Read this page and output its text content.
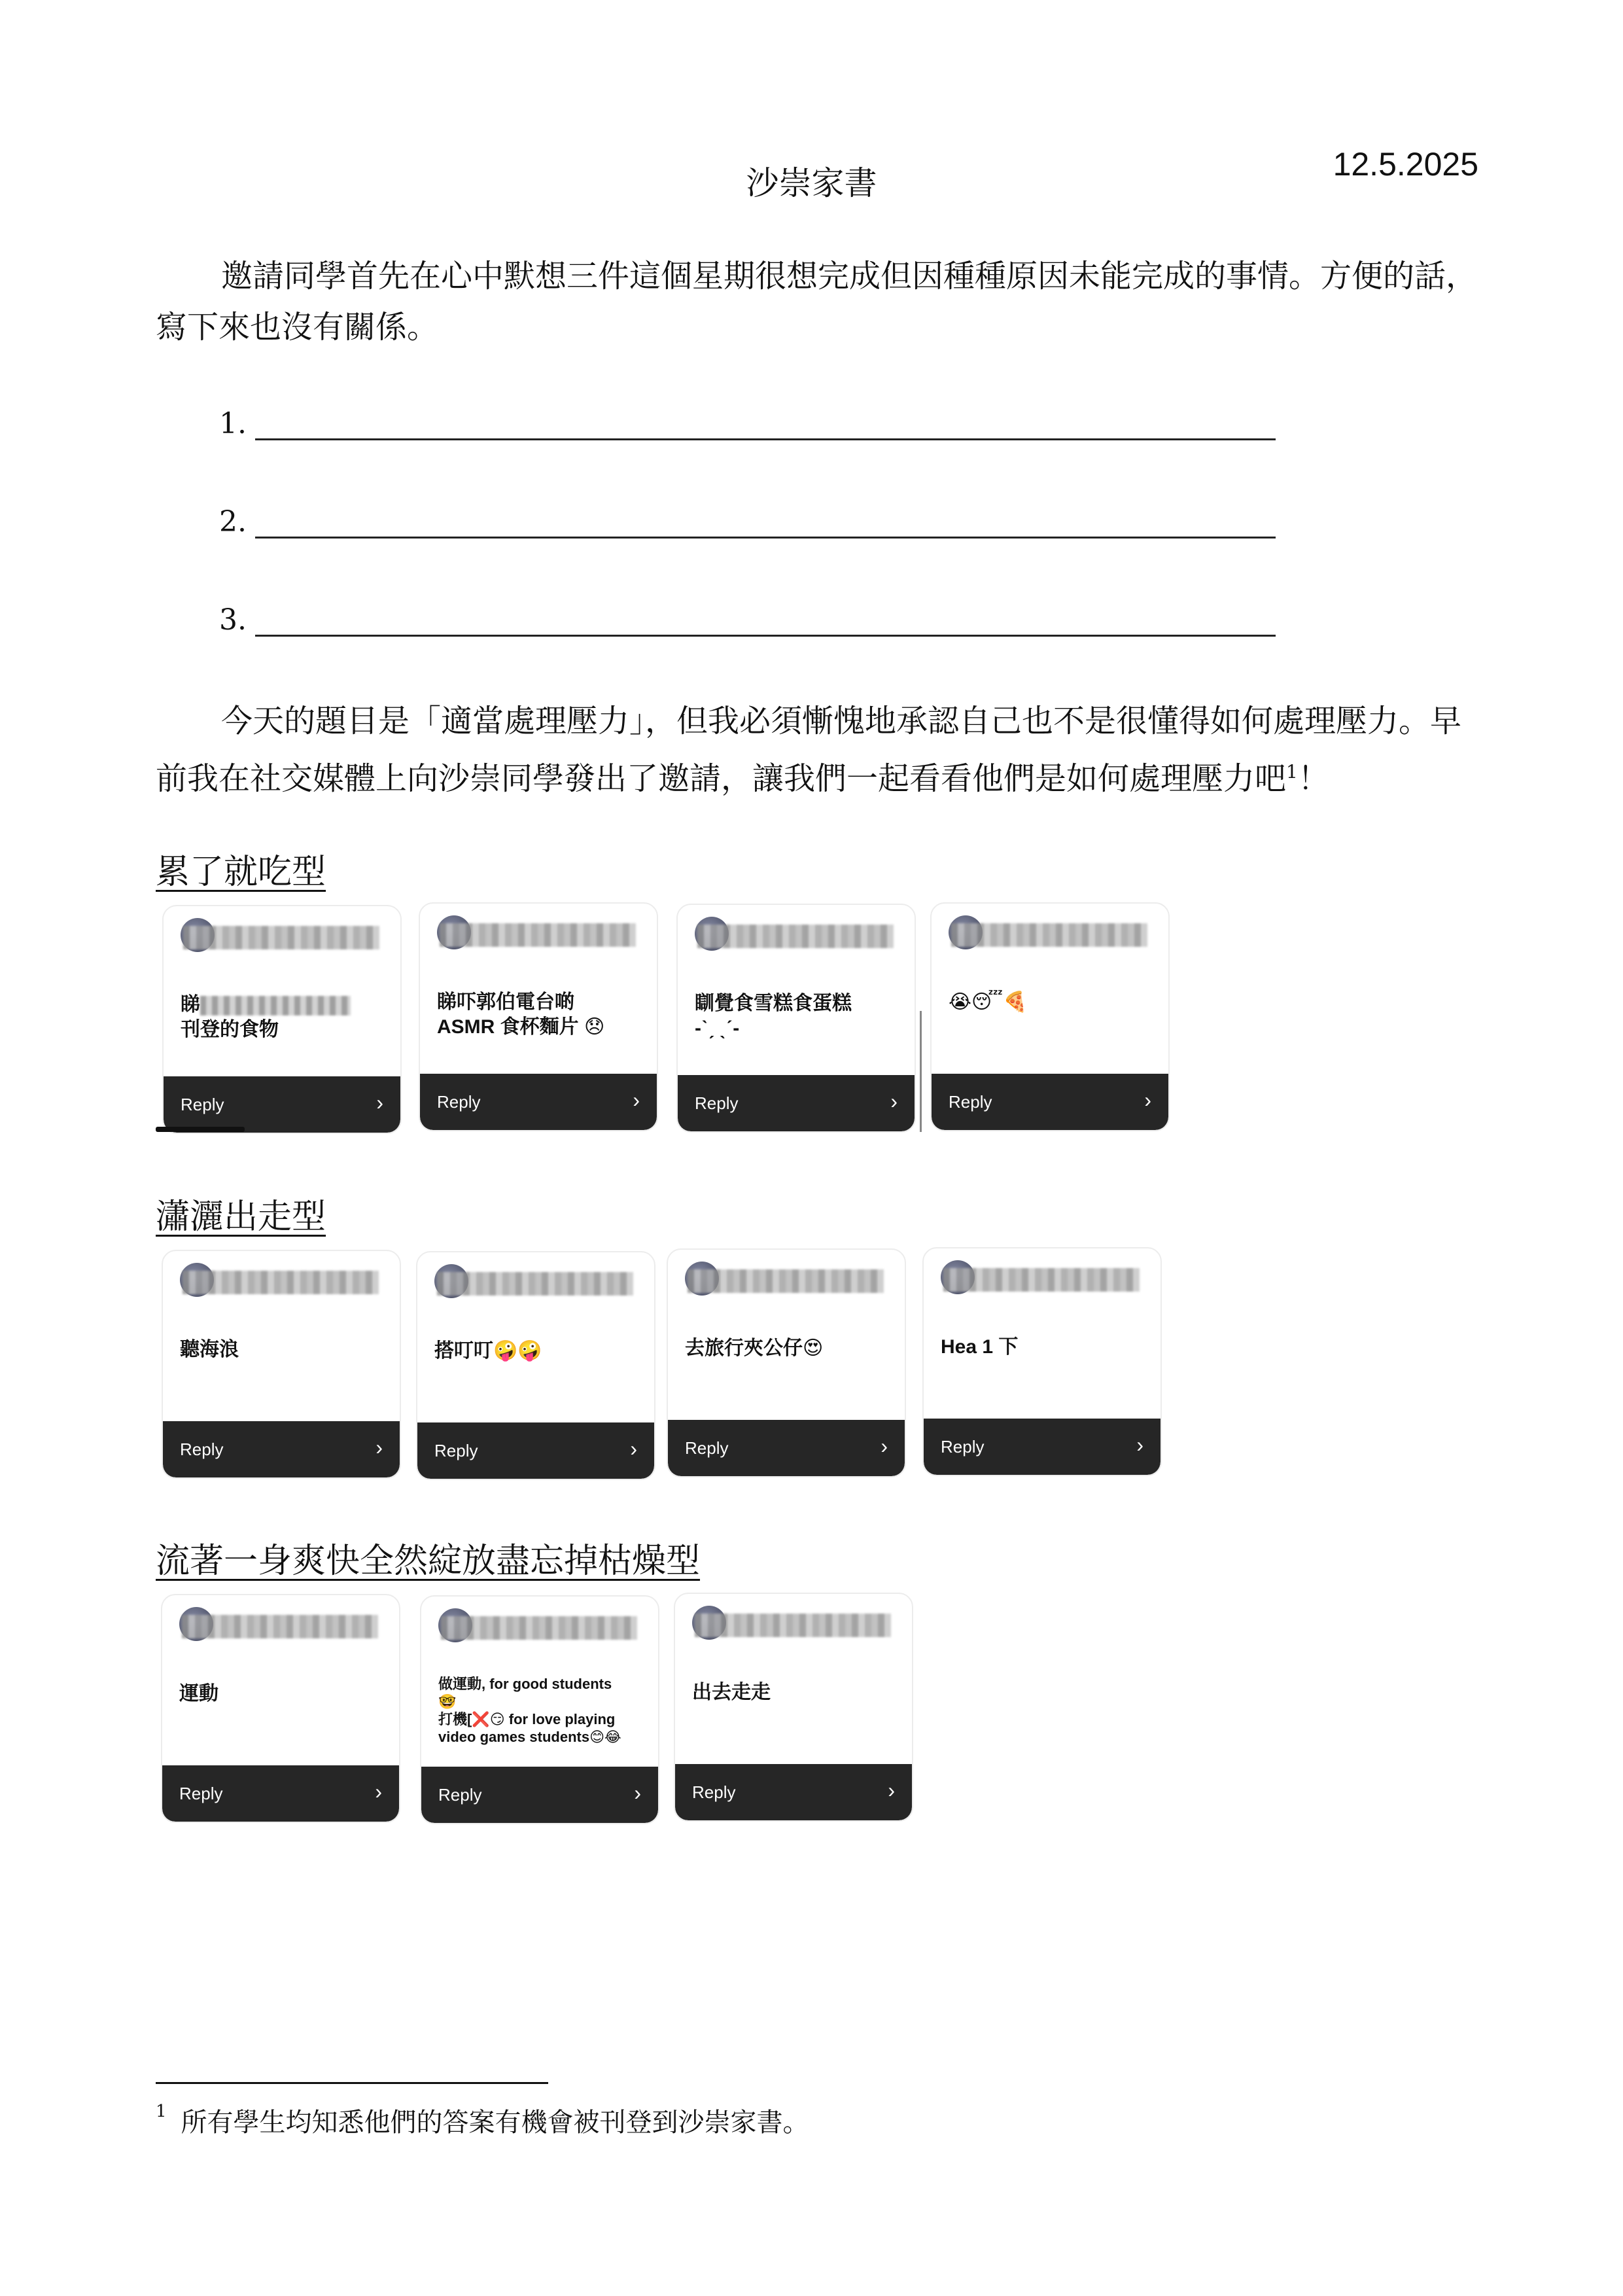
12.5.2025
沙崇家書
邀請同學首先在心中默想三件這個星期很想完成但因種種原因未能完成的事情。方便的話，寫下來也沒有關係。
1.
2.
3.
今天的題目是「適當處理壓力」，但我必須慚愧地承認自己也不是很懂得如何處理壓力。早前我在社交媒體上向沙崇同學發出了邀請，讓我們一起看看他們是如何處理壓力吧$^1$！
累了就吃型
睇
刊登的食物
Reply	›
睇吓郭伯電台啲
ASMR 食杯麵片 😞
Reply	›
瞓覺食雪糕食蛋糕
-ˋˏ ˎˊ-
Reply	›
😭😴🍕
Reply	›
瀟灑出走型
聽海浪
Reply	›
搭叮叮🤪🤪
Reply	›
去旅行夾公仔😍
Reply	›
Hea 1 下
Reply	›
流著一身爽快全然綻放盡忘掉枯燥型
運動
Reply	›
做運動, for good students
🤓
打機[❌😏 for love playing
video games students😊😂
Reply	›
出去走走
Reply	›
$^1$ 所有學生均知悉他們的答案有機會被刊登到沙崇家書。
